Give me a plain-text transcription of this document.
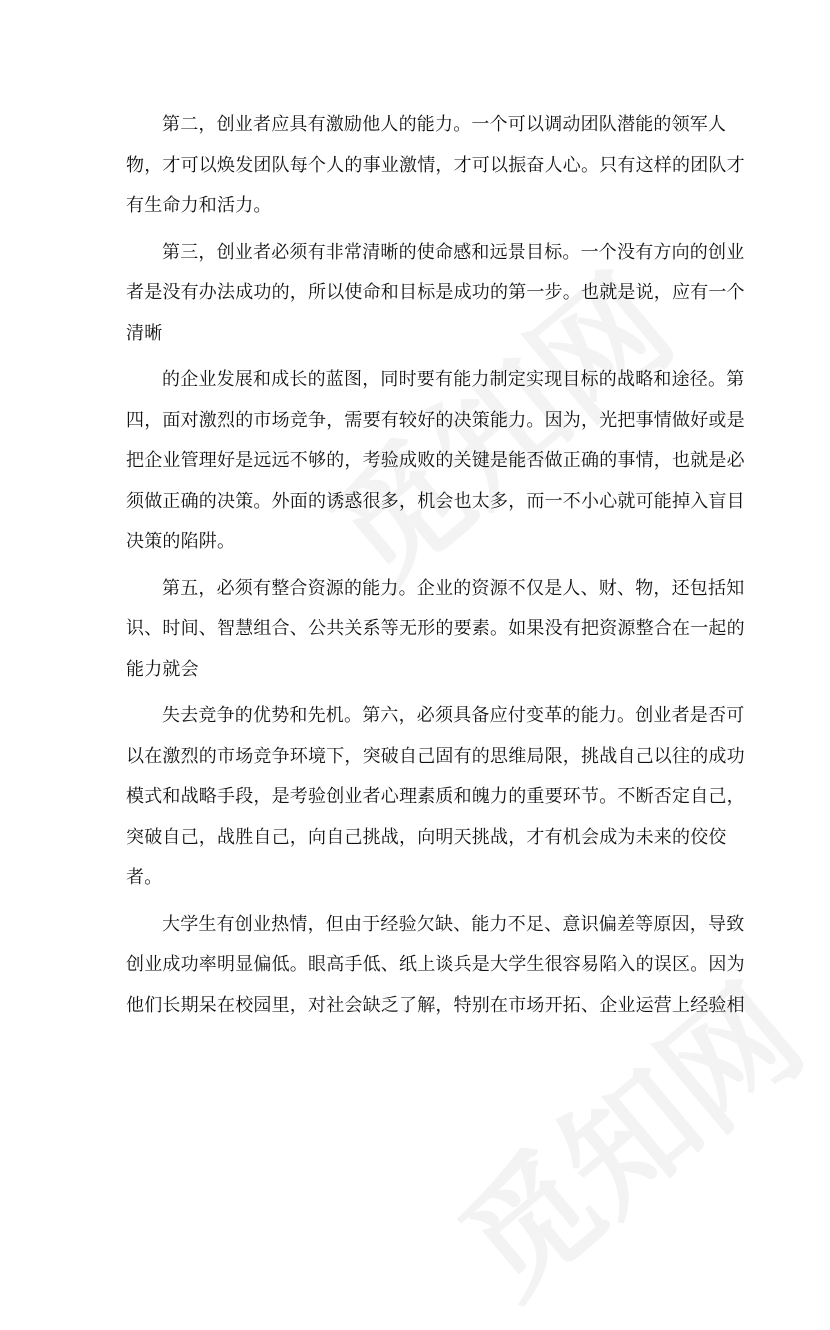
第二，创业者应具有激励他人的能力。一个可以调动团队潜能的领军人
物，才可以焕发团队每个人的事业激情，才可以振奋人心。只有这样的团队才
有生命力和活力。
第三，创业者必须有非常清晰的使命感和远景目标。一个没有方向的创业
者是没有办法成功的，所以使命和目标是成功的第一步。也就是说，应有一个
清晰
的企业发展和成长的蓝图，同时要有能力制定实现目标的战略和途径。第
四，面对激烈的市场竞争，需要有较好的决策能力。因为，光把事情做好或是
把企业管理好是远远不够的，考验成败的关键是能否做正确的事情，也就是必
须做正确的决策。外面的诱惑很多，机会也太多，而一不小心就可能掉入盲目
决策的陷阱。
第五，必须有整合资源的能力。企业的资源不仅是人、财、物，还包括知
识、时间、智慧组合、公共关系等无形的要素。如果没有把资源整合在一起的
能力就会
失去竞争的优势和先机。第六，必须具备应付变革的能力。创业者是否可
以在激烈的市场竞争环境下，突破自己固有的思维局限，挑战自己以往的成功
模式和战略手段，是考验创业者心理素质和魄力的重要环节。不断否定自己，
突破自己，战胜自己，向自己挑战，向明天挑战，才有机会成为未来的佼佼
者。
大学生有创业热情，但由于经验欠缺、能力不足、意识偏差等原因，导致
创业成功率明显偏低。眼高手低、纸上谈兵是大学生很容易陷入的误区。因为
他们长期呆在校园里，对社会缺乏了解，特别在市场开拓、企业运营上经验相
